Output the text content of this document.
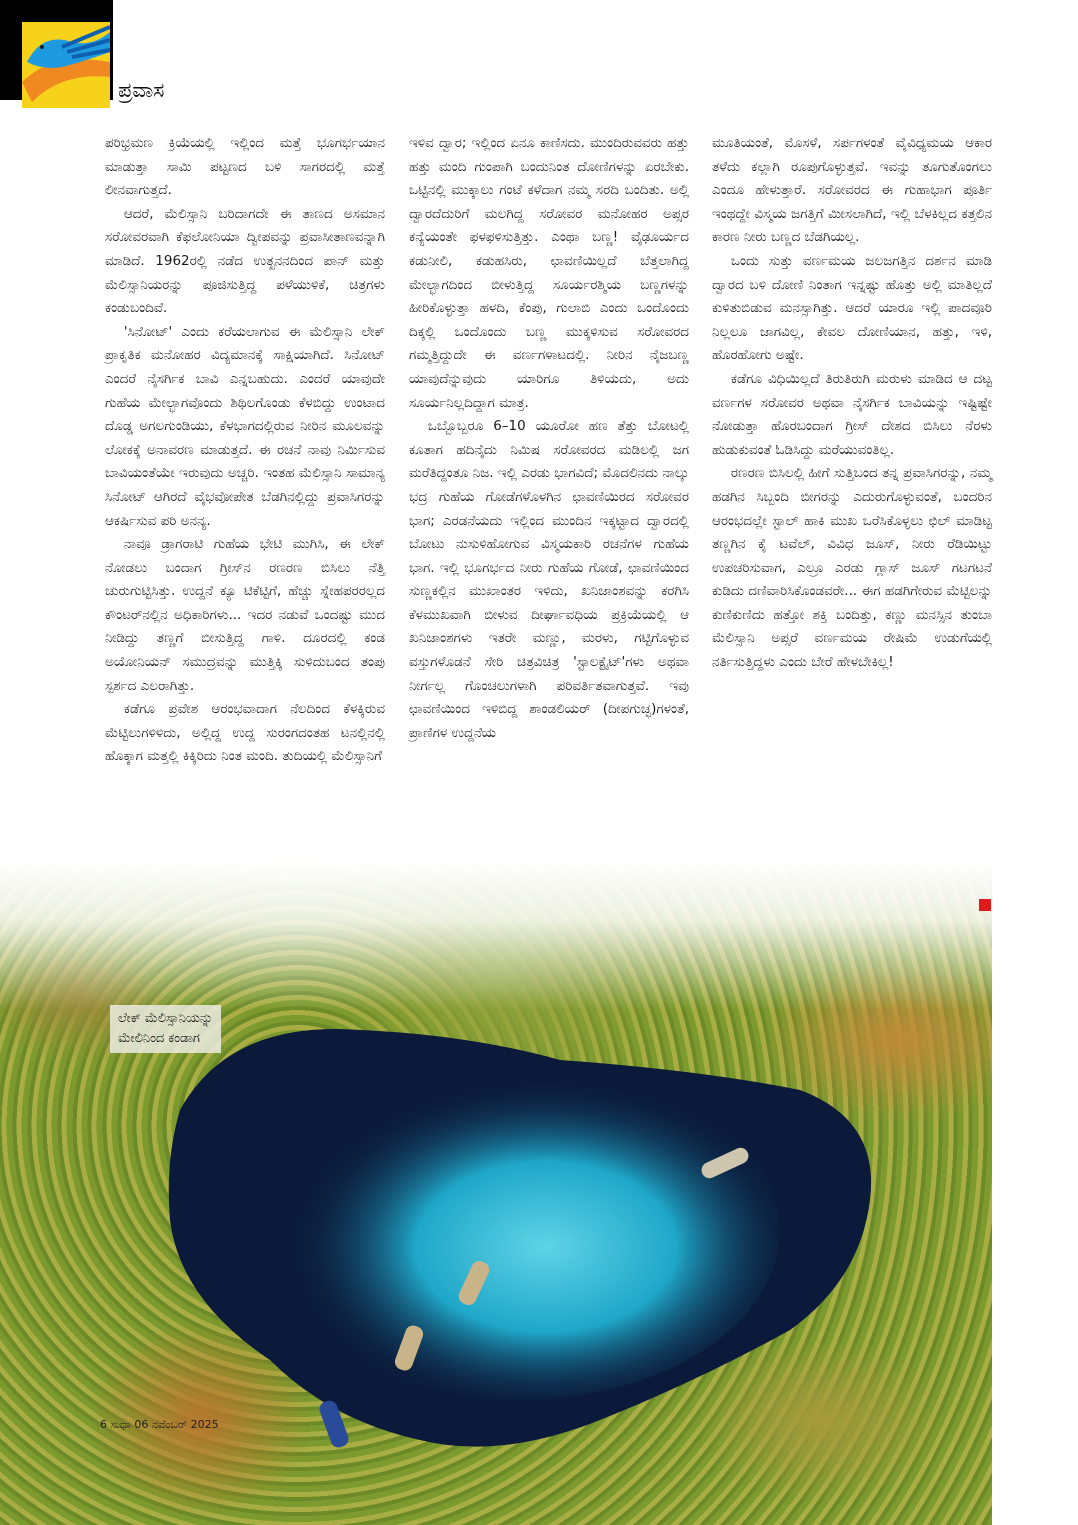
ಪ್ರವಾಸ
ಲೇಕ್ ಮೆಲಿಸ್ಸಾನಿಯನ್ನು
ಮೇಲಿನಿಂದ ಕಂಡಾಗ

ಪರಿಭ್ರಮಣ ಕ್ರಿಯೆಯಲ್ಲಿ ಇಲ್ಲಿಂದ ಮತ್ತೆ ಭೂಗರ್ಭಯಾನ ಮಾಡುತ್ತಾ ಸಾಮಿ ಪಟ್ಟಣದ ಬಳಿ ಸಾಗರದಲ್ಲಿ ಮತ್ತೆ ಲೀನವಾಗುತ್ತದೆ.

ಆದರೆ, ಮೆಲಿಸ್ಸಾನಿ ಬರಿದಾಗದೇ ಈ ತಾಣದ ಅಸಮಾನ ಸರೋವರವಾಗಿ ಕೆಫಲೋನಿಯಾ ದ್ವೀಪವನ್ನು ಪ್ರವಾಸೀತಾಣವನ್ನಾಗಿ ಮಾಡಿದೆ. 1962ರಲ್ಲಿ ನಡೆದ ಉತ್ಖನನದಿಂದ ಪಾನ್ ಮತ್ತು ಮೆಲಿಸ್ಸಾನಿಯರನ್ನು ಪೂಜಿಸುತ್ತಿದ್ದ ಪಳೆಯುಳಿಕೆ, ಚಿತ್ರಗಳು ಕಂಡುಬಂದಿವೆ.

'ಸಿನೋಟ್' ಎಂದು ಕರೆಯಲಾಗುವ ಈ ಮೆಲಿಸ್ಸಾನಿ ಲೇಕ್ ಪ್ರಾಕೃತಿಕ ಮನೋಹರ ವಿದ್ಯಮಾನಕ್ಕೆ ಸಾಕ್ಷಿಯಾಗಿದೆ. ಸಿನೋಟ್ ಎಂದರೆ ನೈಸರ್ಗಿಕ ಬಾವಿ ಎನ್ನಬಹುದು. ಎಂದರೆ ಯಾವುದೇ ಗುಹೆಯ ಮೇಲ್ಭಾಗವೊಂದು ಶಿಥಿಲಗೊಂಡು ಕೆಳಬಿದ್ದು ಉಂಟಾದ ದೊಡ್ಡ ಅಗಲಗುಂಡಿಯು, ಕೆಳಭಾಗದಲ್ಲಿರುವ ನೀರಿನ ಮೂಲವನ್ನು ಲೋಕಕ್ಕೆ ಅನಾವರಣ ಮಾಡುತ್ತದೆ. ಈ ರಚನೆ ನಾವು ನಿರ್ಮಿಸುವ ಬಾವಿಯಂತೆಯೇ ಇರುವುದು ಅಚ್ಚರಿ. ಇಂತಹ ಮೆಲಿಸ್ಸಾನಿ ಸಾಮಾನ್ಯ ಸಿನೋಟ್ ಆಗಿರದೆ ವೈಭವೋಪೇತ ಬೆಡಗಿನಲ್ಲಿದ್ದು ಪ್ರವಾಸಿಗರನ್ನು ಆಕರ್ಷಿಸುವ ಪರಿ ಅನನ್ಯ.

ನಾವೂ ಡ್ರಾಗರಾಟಿ ಗುಹೆಯ ಭೇಟಿ ಮುಗಿಸಿ, ಈ ಲೇಕ್ ನೋಡಲು ಬಂದಾಗ ಗ್ರೀಸ್‌ನ ರಣರಣ ಬಿಸಿಲು ನೆತ್ತಿ ಚುರುಗುಟ್ಟಿಸಿತ್ತು. ಉದ್ದನೆ ಕ್ಯೂ ಟಿಕೆಟ್ಟಿಗೆ, ಹೆಚ್ಚು ಸ್ನೇಹಪರರಲ್ಲದ ಕೌಂಟರ್‌ನಲ್ಲಿನ ಅಧಿಕಾರಿಗಳು... ಇದರ ನಡುವೆ ಒಂದಷ್ಟು ಮುದ ನೀಡಿದ್ದು ತಣ್ಣಗೆ ಬೀಸುತ್ತಿದ್ದ ಗಾಳಿ. ದೂರದಲ್ಲಿ ಕಂಡ ಅಯೋನಿಯನ್ ಸಮುದ್ರವನ್ನು ಮುತ್ತಿಕ್ಕಿ ಸುಳಿದುಬಂದ ತಂಪು ಸ್ಪರ್ಶದ ಎಲರಾಗಿತ್ತು.

ಕಡೆಗೂ ಪ್ರವೇಶ ಆರಂಭವಾದಾಗ ನೆಲದಿಂದ ಕೆಳಕ್ಕಿರುವ ಮೆಟ್ಟಿಲುಗಳಿಳಿದು, ಅಲ್ಲಿದ್ದ ಉದ್ದ ಸುರಂಗದಂತಹ ಟನಲ್ಲಿನಲ್ಲಿ ಹೊಕ್ಕಾಗ ಮತ್ತಲ್ಲಿ ಕಿಕ್ಕಿರಿದು ನಿಂತ ಮಂದಿ. ತುದಿಯಲ್ಲಿ ಮೆಲಿಸ್ಸಾನಿಗೆ

ಇಳಿವ ದ್ವಾರ; ಇಲ್ಲಿಂದ ಏನೂ ಕಾಣಿಸದು. ಮುಂದಿರುವವರು ಹತ್ತು ಹತ್ತು ಮಂದಿ ಗುಂಪಾಗಿ ಬಂದುನಿಂತ ದೋಣಿಗಳನ್ನು ಏರಬೇಕು. ಒಟ್ಟಿನಲ್ಲಿ ಮುಕ್ಕಾಲು ಗಂಟೆ ಕಳೆದಾಗ ನಮ್ಮ ಸರದಿ ಬಂದಿತು. ಅಲ್ಲಿ ದ್ವಾರದೆದುರಿಗೆ ಮಲಗಿದ್ದ ಸರೋವರ ಮನೋಹರ ಅಪ್ಸರ ಕನ್ಯೆಯಂತೇ ಫಳಫಳಿಸುತ್ತಿತ್ತು. ಎಂಥಾ ಬಣ್ಣ! ವೈಢೂರ್ಯದ ಕಡುನೀಲಿ, ಕಡುಹಸಿರು, ಛಾವಣಿಯಿಲ್ಲದೆ ಬೆತ್ತಲಾಗಿದ್ದ ಮೇಲ್ಭಾಗದಿಂದ ಬೀಳುತ್ತಿದ್ದ ಸೂರ್ಯರಶ್ಮಿಯ ಬಣ್ಣಗಳನ್ನು ಹೀರಿಕೊಳ್ಳುತ್ತಾ ಹಳದಿ, ಕೆಂಪು, ಗುಲಾಬಿ ಎಂದು ಒಂದೊಂದು ದಿಕ್ಕಲ್ಲಿ ಒಂದೊಂದು ಬಣ್ಣ ಮುಕ್ಕಳಿಸುವ ಸರೋವರದ ಗಮ್ಮತ್ತಿದ್ದುದೇ ಈ ವರ್ಣಗಳಾಟದಲ್ಲಿ. ನೀರಿನ ನೈಜಬಣ್ಣ ಯಾವುದೆನ್ನುವುದು ಯಾರಿಗೂ ತಿಳಿಯದು, ಅದು ಸೂರ್ಯನಿಲ್ಲದಿದ್ದಾಗ ಮಾತ್ರ.

ಒಬ್ಬೊಬ್ಬರೂ 6–10 ಯೂರೋ ಹಣ ತೆತ್ತು ಬೋಟಲ್ಲಿ ಕೂತಾಗ ಹದಿನೈದು ನಿಮಿಷ ಸರೋವರದ ಮಡಿಲಲ್ಲಿ ಜಗ ಮರೆತಿದ್ದಂತೂ ನಿಜ. ಇಲ್ಲಿ ಎರಡು ಭಾಗವಿದೆ; ಮೊದಲಿನದು ನಾಲ್ಕು ಭದ್ರ ಗುಹೆಯ ಗೋಡೆಗಳೊಳಗಿನ ಛಾವಣಿಯಿರದ ಸರೋವರ ಭಾಗ; ಎರಡನೆಯದು ಇಲ್ಲಿಂದ ಮುಂದಿನ ಇಕ್ಕಟ್ಟಾದ ದ್ವಾರದಲ್ಲಿ ಬೋಟು ನುಸುಳಿಹೋಗುವ ವಿಸ್ಮಯಕಾರಿ ರಚನೆಗಳ ಗುಹೆಯ ಭಾಗ. ಇಲ್ಲಿ ಭೂಗರ್ಭದ ನೀರು ಗುಹೆಯ ಗೋಡೆ, ಛಾವಣಿಯಿಂದ ಸುಣ್ಣಕಲ್ಲಿನ ಮುಖಾಂತರ ಇಳಿದು, ಖನಿಜಾಂಶವನ್ನು ಕರಗಿಸಿ ಕೆಳಮುಖವಾಗಿ ಬೀಳುವ ದೀರ್ಘಾವಧಿಯ ಪ್ರಕ್ರಿಯೆಯಲ್ಲಿ ಆ ಖನಿಜಾಂಶಗಳು ಇತರೇ ಮಣ್ಣು, ಮರಳು, ಗಟ್ಟಿಗೊಳ್ಳುವ ವಸ್ತುಗಳೊಡನೆ ಸೇರಿ ಚಿತ್ರವಿಚಿತ್ರ 'ಸ್ಟಾಲಕ್ಟೈಟ್'ಗಳು ಅಥವಾ ನೀರ್ಗಲ್ಲ ಗೊಂಚಲುಗಳಾಗಿ ಪರಿವರ್ತಿತವಾಗುತ್ತವೆ. ಇವು ಛಾವಣಿಯಿಂದ ಇಳಿಬಿದ್ದ ಶಾಂಡಲಿಯರ್ (ದೀಪಗುಚ್ಛ)ಗಳಂತೆ, ಪ್ರಾಣಿಗಳ ಉದ್ದನೆಯ

ಮೂತಿಯಂತೆ, ಮೊಸಳೆ, ಸರ್ಪಗಳಂತೆ ವೈವಿಧ್ಯಮಯ ಆಕಾರ ತಳೆದು ಕಲ್ಲಾಗಿ ರೂಪುಗೊಳ್ಳುತ್ತವೆ. ಇವನ್ನು ತೂಗುತೊಂಗಲು ಎಂದೂ ಹೇಳುತ್ತಾರೆ. ಸರೋವರದ ಈ ಗುಹಾಭಾಗ ಪೂರ್ತಿ ಇಂಥದ್ದೇ ವಿಸ್ಮಯ ಜಗತ್ತಿಗೆ ಮೀಸಲಾಗಿದೆ, ಇಲ್ಲಿ ಬೆಳಕಿಲ್ಲದ ಕತ್ತಲಿನ ಕಾರಣ ನೀರು ಬಣ್ಣದ ಬೆಡಗಿಯಲ್ಲ.

ಒಂದು ಸುತ್ತು ವರ್ಣಮಯ ಜಲಜಗತ್ತಿನ ದರ್ಶನ ಮಾಡಿ ದ್ವಾರದ ಬಳಿ ದೋಣಿ ನಿಂತಾಗ ಇನ್ನಷ್ಟು ಹೊತ್ತು ಅಲ್ಲಿ ಮಾತಿಲ್ಲದೆ ಕುಳಿತುಬಿಡುವ ಮನಸ್ಸಾಗಿತ್ತು. ಆದರೆ ಯಾರೂ ಇಲ್ಲಿ ಪಾದವೂರಿ ನಿಲ್ಲಲೂ ಜಾಗವಿಲ್ಲ, ಕೇವಲ ದೋಣಿಯಾನ, ಹತ್ತು, ಇಳಿ, ಹೊರಹೋಗು ಅಷ್ಟೇ.

ಕಡೆಗೂ ವಿಧಿಯಿಲ್ಲದೆ ತಿರುತಿರುಗಿ ಮರುಳು ಮಾಡಿದ ಆ ದಟ್ಟ ವರ್ಣಗಳ ಸರೋವರ ಅಥವಾ ನೈಸರ್ಗಿಕ ಬಾವಿಯನ್ನು ಇಷ್ಟಿಷ್ಟೇ ನೋಡುತ್ತಾ ಹೊರಬಂದಾಗ ಗ್ರೀಸ್ ದೇಶದ ಬಿಸಿಲು ನೆರಳು ಹುಡುಕುವಂತೆ ಓಡಿಸಿದ್ದು ಮರೆಯುವಂತಿಲ್ಲ.

ರಣರಣ ಬಿಸಿಲಲ್ಲಿ ಹೀಗೆ ಸುತ್ತಿಬಂದ ತನ್ನ ಪ್ರವಾಸಿಗರನ್ನು, ನಮ್ಮ ಹಡಗಿನ ಸಿಬ್ಬಂದಿ ಬೀಗರನ್ನು ಎದುರುಗೊಳ್ಳುವಂತೆ, ಬಂದರಿನ ಆರಂಭದಲ್ಲೇ ಸ್ಟಾಲ್ ಹಾಕಿ ಮುಖ ಒರೆಸಿಕೊಳ್ಳಲು ಛಿಲ್ ಮಾಡಿಟ್ಟ ತಣ್ಣಗಿನ ಕೈ ಟವೆಲ್, ವಿವಿಧ ಜೂಸ್, ನೀರು ರೆಡಿಯಿಟ್ಟು ಉಪಚರಿಸುವಾಗ, ಎಲ್ರೂ ಎರಡು ಗ್ಲಾಸ್ ಜೂಸ್ ಗಟಗಟನೆ ಕುಡಿದು ದಣಿವಾರಿಸಿಕೊಂಡವರೇ... ಈಗ ಹಡಗಿಗೇರುವ ಮೆಟ್ಟಿಲನ್ನು ಕುಣಿಕುಣಿದು ಹತ್ತೋ ಶಕ್ತಿ ಬಂದಿತ್ತು, ಕಣ್ಣು ಮನಸ್ಸಿನ ತುಂಬಾ ಮೆಲಿಸ್ಸಾನಿ ಅಪ್ಸರೆ ವರ್ಣಮಯ ರೇಷಿಮೆ ಉಡುಗೆಯಲ್ಲಿ ನರ್ತಿಸುತ್ತಿದ್ದಳು ಎಂದು ಬೇರೆ ಹೇಳಬೇಕಿಲ್ಲ!

6 ಸುಧಾ 06 ನವೆಂಬರ್ 2025
